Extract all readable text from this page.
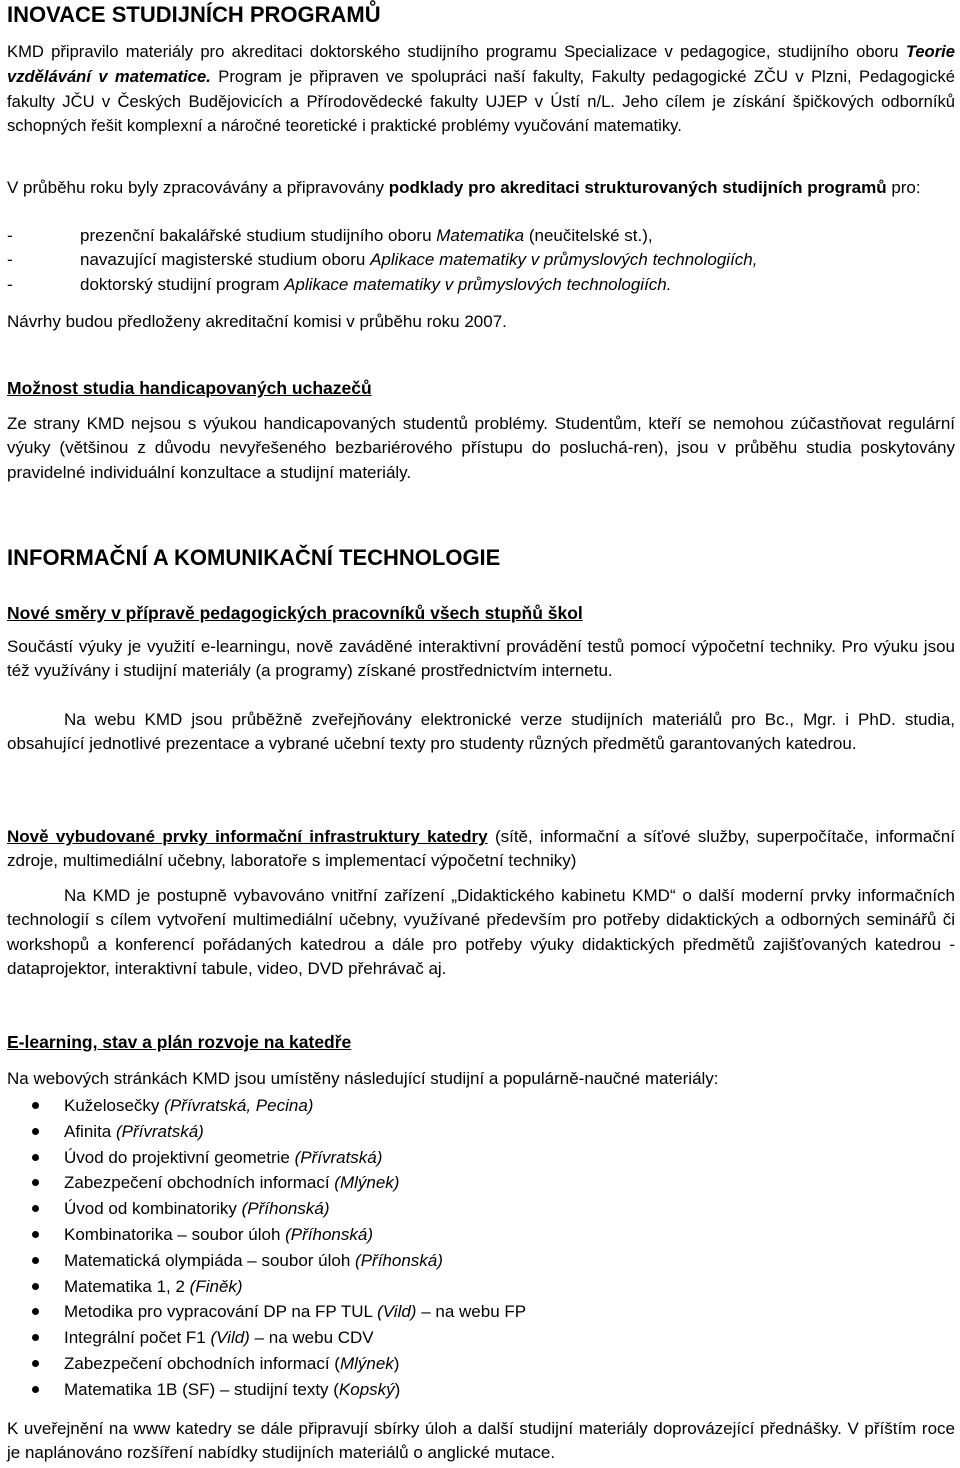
INOVACE STUDIJNÍCH PROGRAMŮ

KMD připravilo materiály pro akreditaci doktorského studijního programu Specializace v pedagogice, studijního oboru Teorie vzdělávání v matematice. Program je připraven ve spolupráci naší fakulty, Fakulty pedagogické ZČU v Plzni, Pedagogické fakulty JČU v Českých Budějovicích a Přírodovědecké fakulty UJEP v Ústí n/L. Jeho cílem je získání špičkových odborníků schopných řešit komplexní a náročné teoretické i praktické problémy vyučování matematiky.

V průběhu roku byly zpracovávány a připravovány podklady pro akreditaci strukturovaných studijních programů pro:

-	prezenční bakalářské studium studijního oboru Matematika (neučitelské st.),
-	navazující magisterské studium oboru Aplikace matematiky v průmyslových technologiích,
-	doktorský studijní program Aplikace matematiky v průmyslových technologiích.

Návrhy budou předloženy akreditační komisi v průběhu roku 2007.

Možnost studia handicapovaných uchazečů

Ze strany KMD nejsou s výukou handicapovaných studentů problémy. Studentům, kteří se nemohou zúčastňovat regulární výuky (většinou z důvodu nevyřešeného bezbariérového přístupu do posluchá-ren), jsou v průběhu studia poskytovány pravidelné individuální konzultace a studijní materiály.

INFORMAČNÍ A KOMUNIKAČNÍ TECHNOLOGIE
Nové směry v přípravě pedagogických pracovníků všech stupňů škol

Součástí výuky je využití e-learningu, nově zaváděné interaktivní provádění testů pomocí výpočetní techniky. Pro výuku jsou též využívány i studijní materiály (a programy) získané prostřednictvím internetu.

Na webu KMD jsou průběžně zveřejňovány elektronické verze studijních materiálů pro Bc., Mgr. i PhD. studia, obsahující jednotlivé prezentace a vybrané učební texty pro studenty různých předmětů garantovaných katedrou.

Nově vybudované prvky informační infrastruktury katedry (sítě, informační a síťové služby, superpočítače, informační zdroje, multimediální učebny, laboratoře s implementací výpočetní techniky)

Na KMD je postupně vybavováno vnitřní zařízení „Didaktického kabinetu KMD“ o další moderní prvky informačních technologií s cílem vytvoření multimediální učebny, využívané především pro potřeby didaktických a odborných seminářů či workshopů a konferencí pořádaných katedrou a dále pro potřeby výuky didaktických předmětů zajišťovaných katedrou - dataprojektor, interaktivní tabule, video, DVD přehrávač aj.

E-learning, stav a plán rozvoje na katedře

Na webových stránkách KMD jsou umístěny následující studijní a populárně-naučné materiály:

Kuželosečky (Přívratská, Pecina)
Afinita (Přívratská)
Úvod do projektivní geometrie (Přívratská)
Zabezpečení obchodních informací (Mlýnek)
Úvod od kombinatoriky (Příhonská)
Kombinatorika – soubor úloh (Příhonská)
Matematická olympiáda – soubor úloh (Příhonská)
Matematika 1, 2 (Finěk)
Metodika pro vypracování DP na FP TUL (Vild) – na webu FP
Integrální počet F1 (Vild) – na webu CDV
Zabezpečení obchodních informací (Mlýnek)
Matematika 1B (SF) – studijní texty (Kopský)

K uveřejnění na www katedry se dále připravují sbírky úloh a další studijní materiály doprovázející přednášky. V příštím roce je naplánováno rozšíření nabídky studijních materiálů o anglické mutace.
